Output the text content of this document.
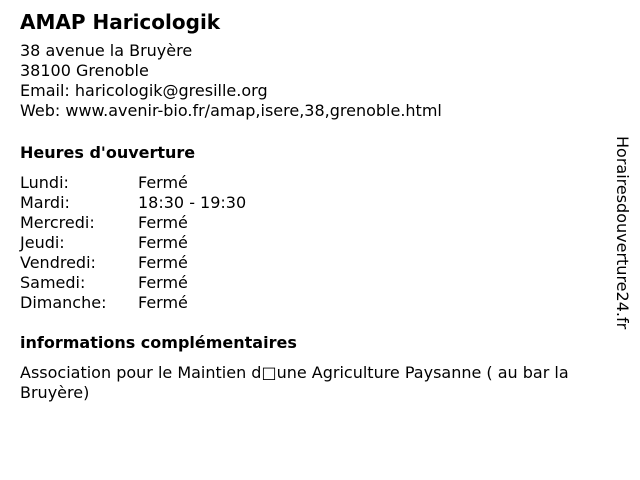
AMAP Haricologik
38 avenue la Bruyère
38100 Grenoble
Email: haricologik@gresille.org
Web: www.avenir-bio.fr/amap,isere,38,grenoble.html
Heures d'ouverture
Lundi:	Fermé
Mardi:	18:30 - 19:30
Mercredi:	Fermé
Jeudi:	Fermé
Vendredi:	Fermé
Samedi:	Fermé
Dimanche: Fermé
informations complémentaires
Association pour le Maintien d□une Agriculture Paysanne ( au bar la Bruyère)
Horairesdouverture24.fr
